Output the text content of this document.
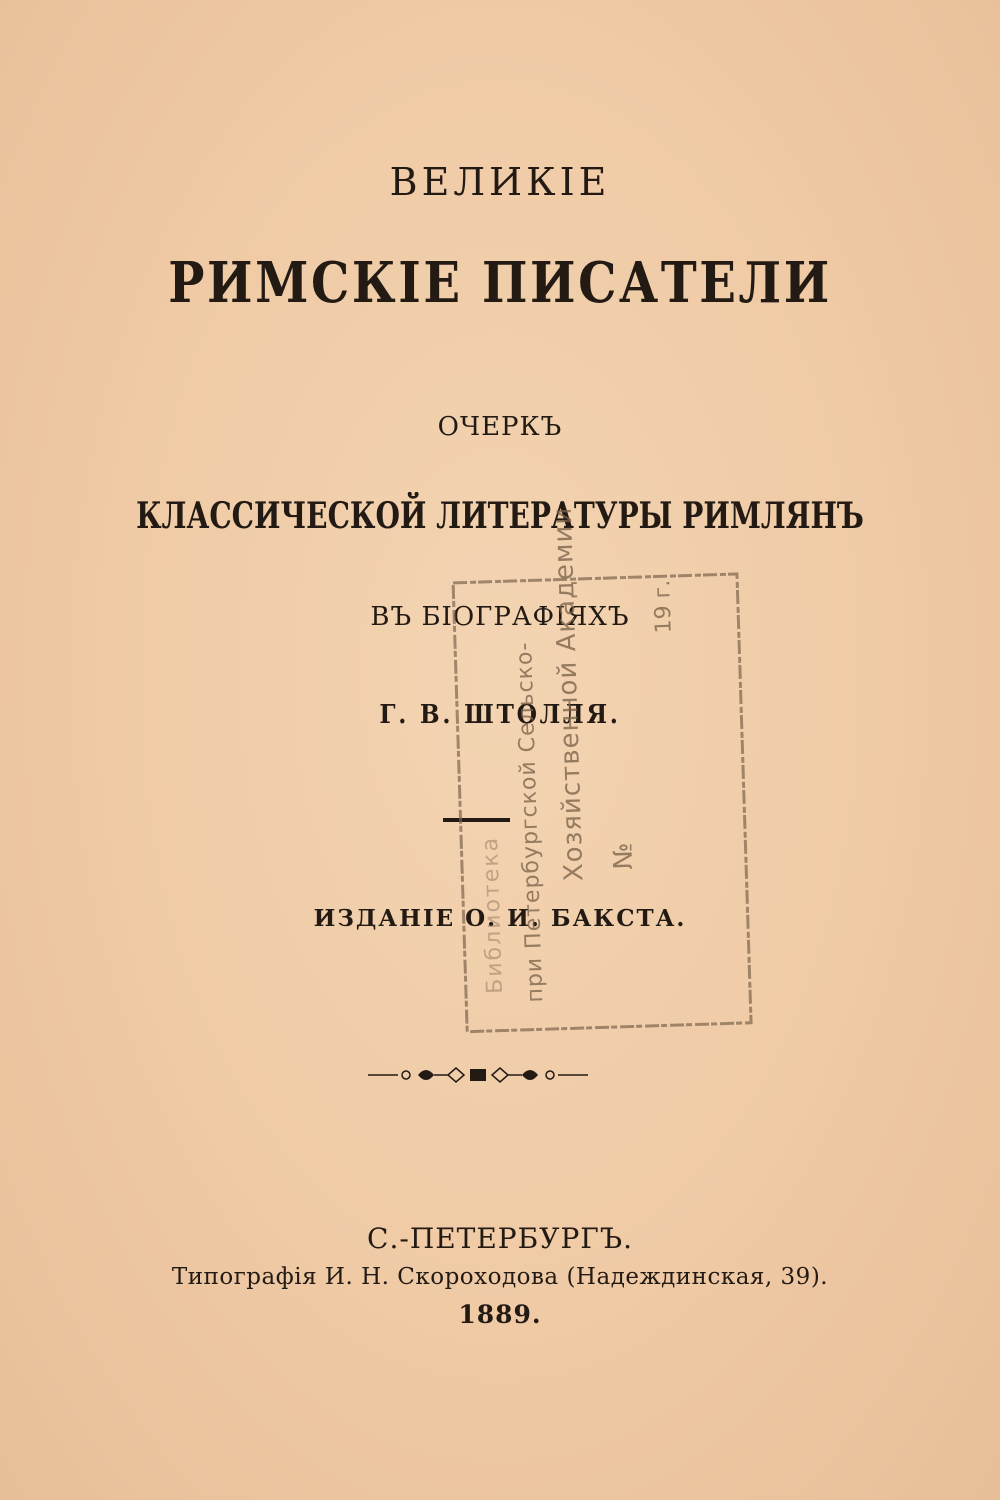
ВЕЛИКІЕ
РИМСКІЕ ПИСАТЕЛИ
ОЧЕРКЪ
КЛАССИЧЕСКОЙ ЛИТЕРАТУРЫ РИМЛЯНЪ
ВЪ БІОГРАФІЯХЪ
Г. В. ШТОЛЛЯ.
ИЗДАНІЕ О. И. БАКСТА.
С.-ПЕТЕРБУРГЪ.
Типографія И. Н. Скороходова (Надеждинская, 39).
1889.
Библиотека при Петербургской Сельско- Хозяйственной Академии №
19 г.
